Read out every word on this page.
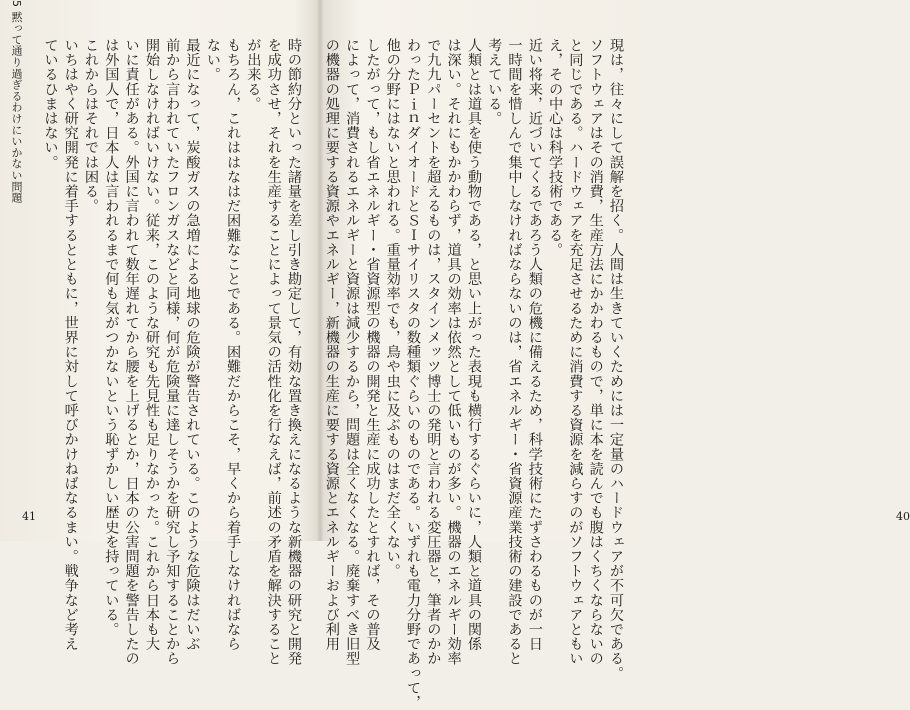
5 黙って通り過ぎるわけにいかない問題	時の節約分といった諸量を差し引き勘定して，有効な置き換えになるような新機器の研究と開発
を成功させ，それを生産することによって景気の活性化を行なえば，前述の矛盾を解決すること
が出来る。
もちろん，これははなはだ困難なことである。困難だからこそ，早くから着手しなければなら
ない。
最近になって，炭酸ガスの急増による地球の危険が警告されている。このような危険はだいぶ
前から言われていたフロンガスなどと同様，何が危険量に達しそうかを研究し予知することから
開始しなければいけない。従来，このような研究も先見性も足りなかった。これから日本も大
いに責任がある。外国に言われて数年遅れてから腰を上げるとか，日本の公害問題を警告したの
は外国人で，日本人は言われるまで何も気がつかないという恥ずかしい歴史を持っている。
これからはそれでは困る。
いちはやく研究開発に着手するとともに，世界に対して呼びかけねばなるまい。戦争など考え
ているひまはない。
41	現は，往々にして誤解を招く。人間は生きていくためには一定量のハードウェアが不可欠である。
ソフトウェアはその消費，生産方法にかかわるもので，単に本を読んでも腹はくちくならないの
と同じである。ハードウェアを充足させるために消費する資源を減らすのがソフトウェアともい
え，その中心は科学技術である。
近い将来，近づいてくるであろう人類の危機に備えるため，科学技術にたずさわるものが一日
一時間を惜しんで集中しなければならないのは，省エネルギー・省資源産業技術の建設であると
考えている。
人類とは道具を使う動物である，と思い上がった表現も横行するぐらいに，人類と道具の関係
は深い。それにもかかわらず，道具の効率は依然として低いものが多い。機器のエネルギー効率
で九九パーセントを超えるものは，スタインメッツ博士の発明と言われる変圧器と，筆者のかか
わったＰｉｎダイオードとＳＩサイリスタの数種類ぐらいのものである。いずれも電力分野であって，
他の分野にはないと思われる。重量効率でも，鳥や虫に及ぶものはまだ全くない。
したがって，もし省エネルギー・省資源型の機器の開発と生産に成功したとすれば，その普及
によって，消費されるエネルギーと資源は減少するから，問題は全くなくなる。廃棄すべき旧型
の機器の処理に要する資源やエネルギー，新機器の生産に要する資源とエネルギーおよび利用	40
